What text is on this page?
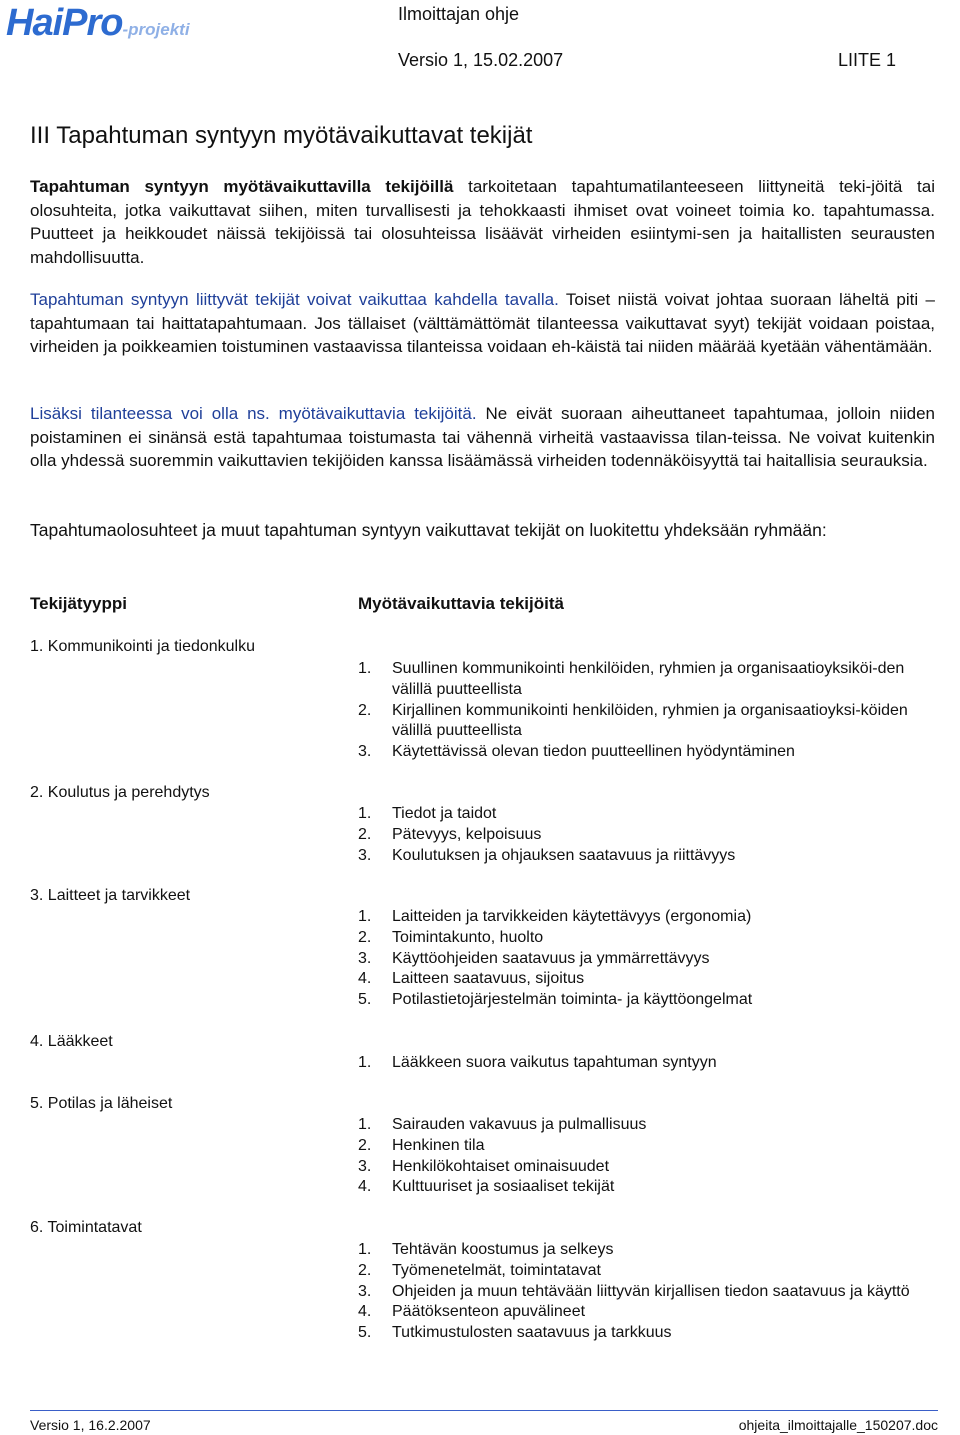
HaiPro-projekti
Ilmoittajan ohje
Versio 1, 15.02.2007	LIITE 1
III Tapahtuman syntyyn myötävaikuttavat tekijät
Tapahtuman syntyyn myötävaikuttavilla tekijöillä tarkoitetaan tapahtumatilanteeseen liittyneitä teki-jöitä tai olosuhteita, jotka vaikuttavat siihen, miten turvallisesti ja tehokkaasti ihmiset ovat voineet toimia ko. tapahtumassa. Puutteet ja heikkoudet näissä tekijöissä tai olosuhteissa lisäävät virheiden esiintymi-sen ja haitallisten seurausten mahdollisuutta.
Tapahtuman syntyyn liittyvät tekijät voivat vaikuttaa kahdella tavalla. Toiset niistä voivat johtaa suoraan läheltä piti –tapahtumaan tai haittatapahtumaan. Jos tällaiset (välttämättömät tilanteessa vaikuttavat syyt) tekijät voidaan poistaa, virheiden ja poikkeamien toistuminen vastaavissa tilanteissa voidaan eh-käistä tai niiden määrää kyetään vähentämään.
Lisäksi tilanteessa voi olla ns. myötävaikuttavia tekijöitä. Ne eivät suoraan aiheuttaneet tapahtumaa, jolloin niiden poistaminen ei sinänsä estä tapahtumaa toistumasta tai vähennä virheitä vastaavissa tilan-teissa. Ne voivat kuitenkin olla yhdessä suoremmin vaikuttavien tekijöiden kanssa lisäämässä virheiden todennäköisyyttä tai haitallisia seurauksia.
Tapahtumaolosuhteet ja muut tapahtuman syntyyn vaikuttavat tekijät on luokitettu yhdeksään ryhmään:
Tekijätyyppi	Myötävaikuttavia tekijöitä
1. Kommunikointi ja tiedonkulku
1.	Suullinen kommunikointi henkilöiden, ryhmien ja organisaatioyksiköi-den välillä puutteellista
2.	Kirjallinen kommunikointi henkilöiden, ryhmien ja organisaatioyksi-köiden välillä puutteellista
3.	Käytettävissä olevan tiedon puutteellinen hyödyntäminen
2. Koulutus ja perehdytys
1.	Tiedot ja taidot
2.	Pätevyys, kelpoisuus
3.	Koulutuksen ja ohjauksen saatavuus ja riittävyys
3. Laitteet ja tarvikkeet
1.	Laitteiden ja tarvikkeiden käytettävyys (ergonomia)
2.	Toimintakunto, huolto
3.	Käyttöohjeiden saatavuus ja ymmärrettävyys
4.	Laitteen saatavuus, sijoitus
5.	Potilastietojärjestelmän toiminta- ja käyttöongelmat
4. Lääkkeet
1.	Lääkkeen suora vaikutus tapahtuman syntyyn
5. Potilas ja läheiset
1.	Sairauden vakavuus ja pulmallisuus
2.	Henkinen tila
3.	Henkilökohtaiset ominaisuudet
4.	Kulttuuriset ja sosiaaliset tekijät
6. Toimintatavat
1.	Tehtävän koostumus ja selkeys
2.	Työmenetelmät, toimintatavat
3.	Ohjeiden ja muun tehtävään liittyvän kirjallisen tiedon saatavuus ja käyttö
4.	Päätöksenteon apuvälineet
5.	Tutkimustulosten saatavuus ja tarkkuus
Versio 1, 16.2.2007	ohjeita_ilmoittajalle_150207.doc
